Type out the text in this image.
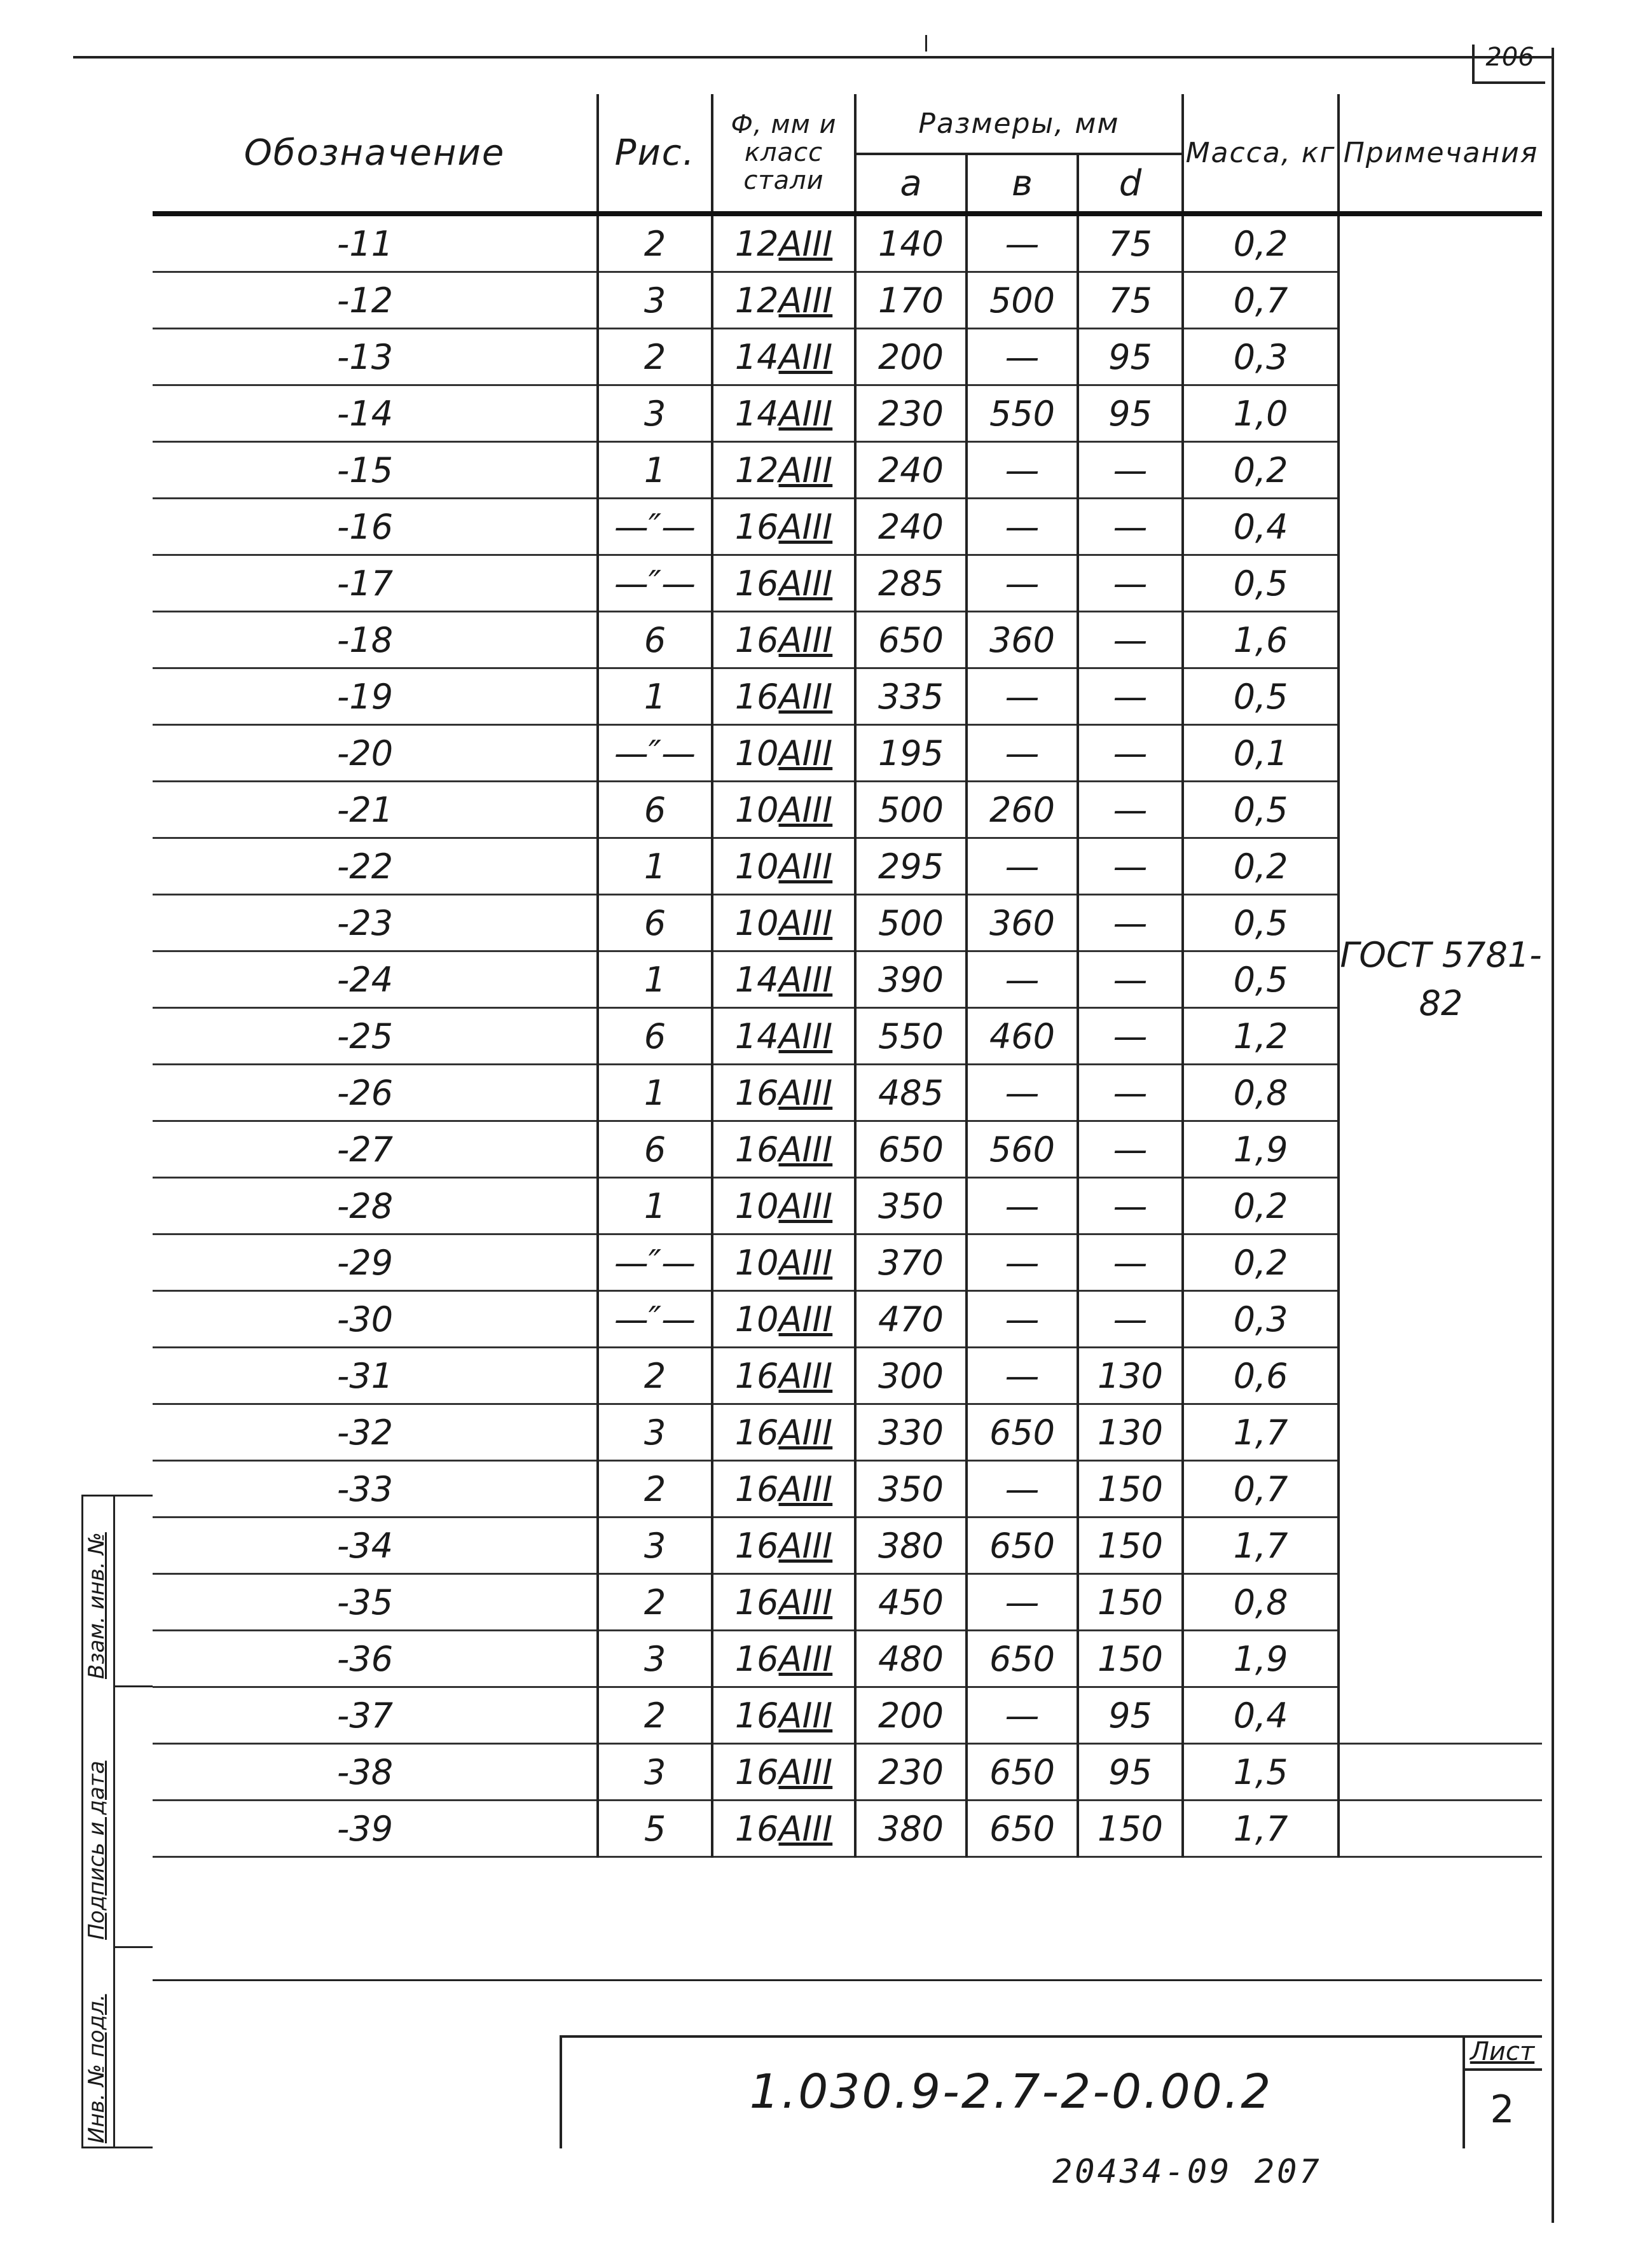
206
Обозначение	Рис.	Ф, мм и класс стали	Размеры, мм			Масса, кг	Примечания
			a	в	d		
-11	2	12AIII	140	—	75	0,2	ГОСТ 5781-82
-12	3	12AIII	170	500	75	0,7	
-13	2	14AIII	200	—	95	0,3	
-14	3	14AIII	230	550	95	1,0	
-15	1	12AIII	240	—	—	0,2	
-16	—″—	16AIII	240	—	—	0,4	
-17	—″—	16AIII	285	—	—	0,5	
-18	6	16AIII	650	360	—	1,6	
-19	1	16AIII	335	—	—	0,5	
-20	—″—	10AIII	195	—	—	0,1	
-21	6	10AIII	500	260	—	0,5	
-22	1	10AIII	295	—	—	0,2	
-23	6	10AIII	500	360	—	0,5	
-24	1	14AIII	390	—	—	0,5	
-25	6	14AIII	550	460	—	1,2	
-26	1	16AIII	485	—	—	0,8	
-27	6	16AIII	650	560	—	1,9	
-28	1	10AIII	350	—	—	0,2	
-29	—″—	10AIII	370	—	—	0,2	
-30	—″—	10AIII	470	—	—	0,3	
-31	2	16AIII	300	—	130	0,6	
-32	3	16AIII	330	650	130	1,7	
-33	2	16AIII	350	—	150	0,7	
-34	3	16AIII	380	650	150	1,7	
-35	2	16AIII	450	—	150	0,8	
-36	3	16AIII	480	650	150	1,9	
-37	2	16AIII	200	—	95	0,4	
-38	3	16AIII	230	650	95	1,5	
-39	5	16AIII	380	650	150	1,7	
1.030.9-2.7-2-0.00.2
Лист
2
Взам. инв. №
Подпись и дата
Инв. № подл.
20434-09 207
